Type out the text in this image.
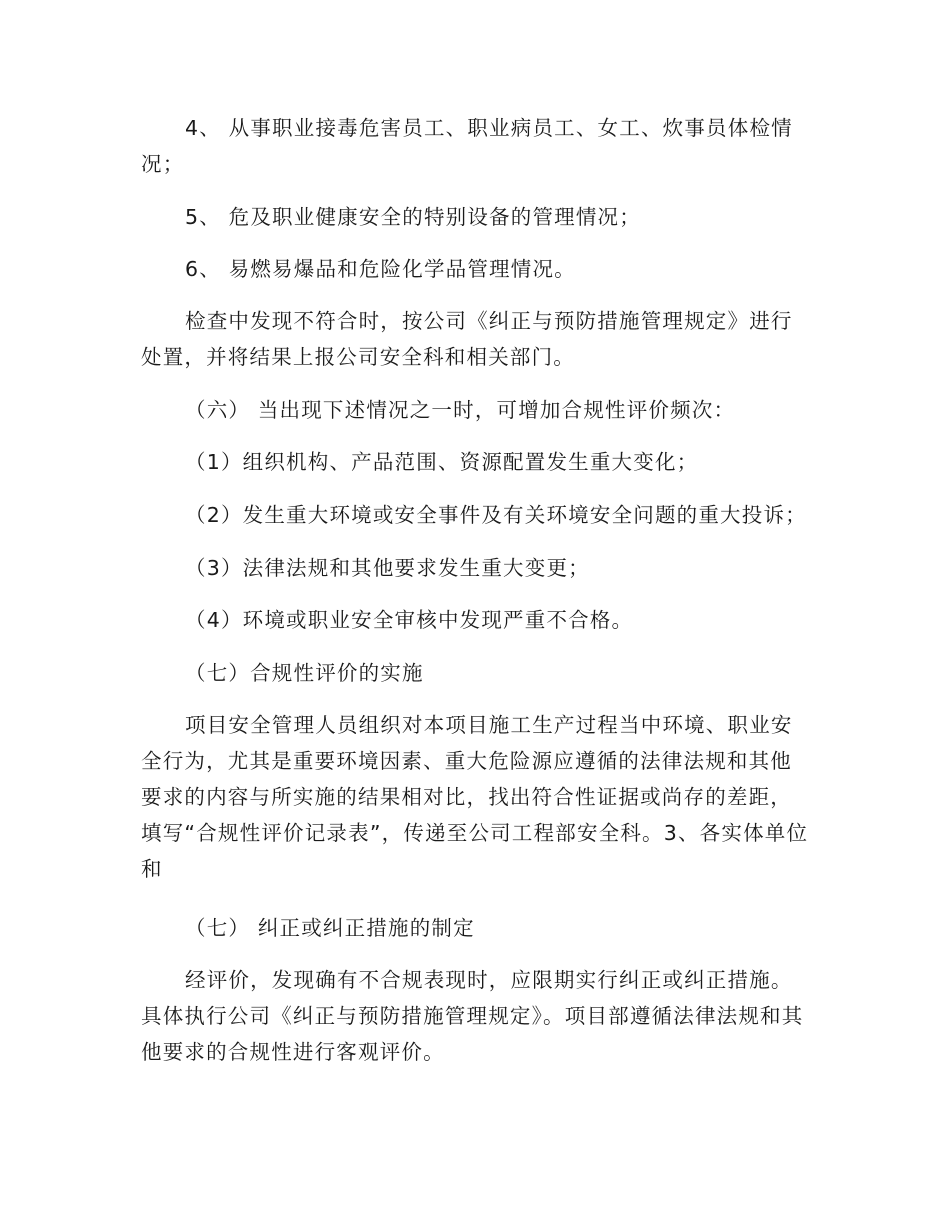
4、 从事职业接毒危害员工、职业病员工、女工、炊事员体检情况；

5、 危及职业健康安全的特别设备的管理情况；

6、 易燃易爆品和危险化学品管理情况。

检查中发现不符合时，按公司《纠正与预防措施管理规定》进行处置，并将结果上报公司安全科和相关部门。

（六） 当出现下述情况之一时，可增加合规性评价频次：

（1）组织机构、产品范围、资源配置发生重大变化；

（2）发生重大环境或安全事件及有关环境安全问题的重大投诉；

（3）法律法规和其他要求发生重大变更；

（4）环境或职业安全审核中发现严重不合格。

（七）合规性评价的实施

项目安全管理人员组织对本项目施工生产过程当中环境、职业安全行为，尤其是重要环境因素、重大危险源应遵循的法律法规和其他要求的内容与所实施的结果相对比，找出符合性证据或尚存的差距，填写“合规性评价记录表”，传递至公司工程部安全科。3、各实体单位和

（七） 纠正或纠正措施的制定

经评价，发现确有不合规表现时，应限期实行纠正或纠正措施。具体执行公司《纠正与预防措施管理规定》。项目部遵循法律法规和其他要求的合规性进行客观评价。
